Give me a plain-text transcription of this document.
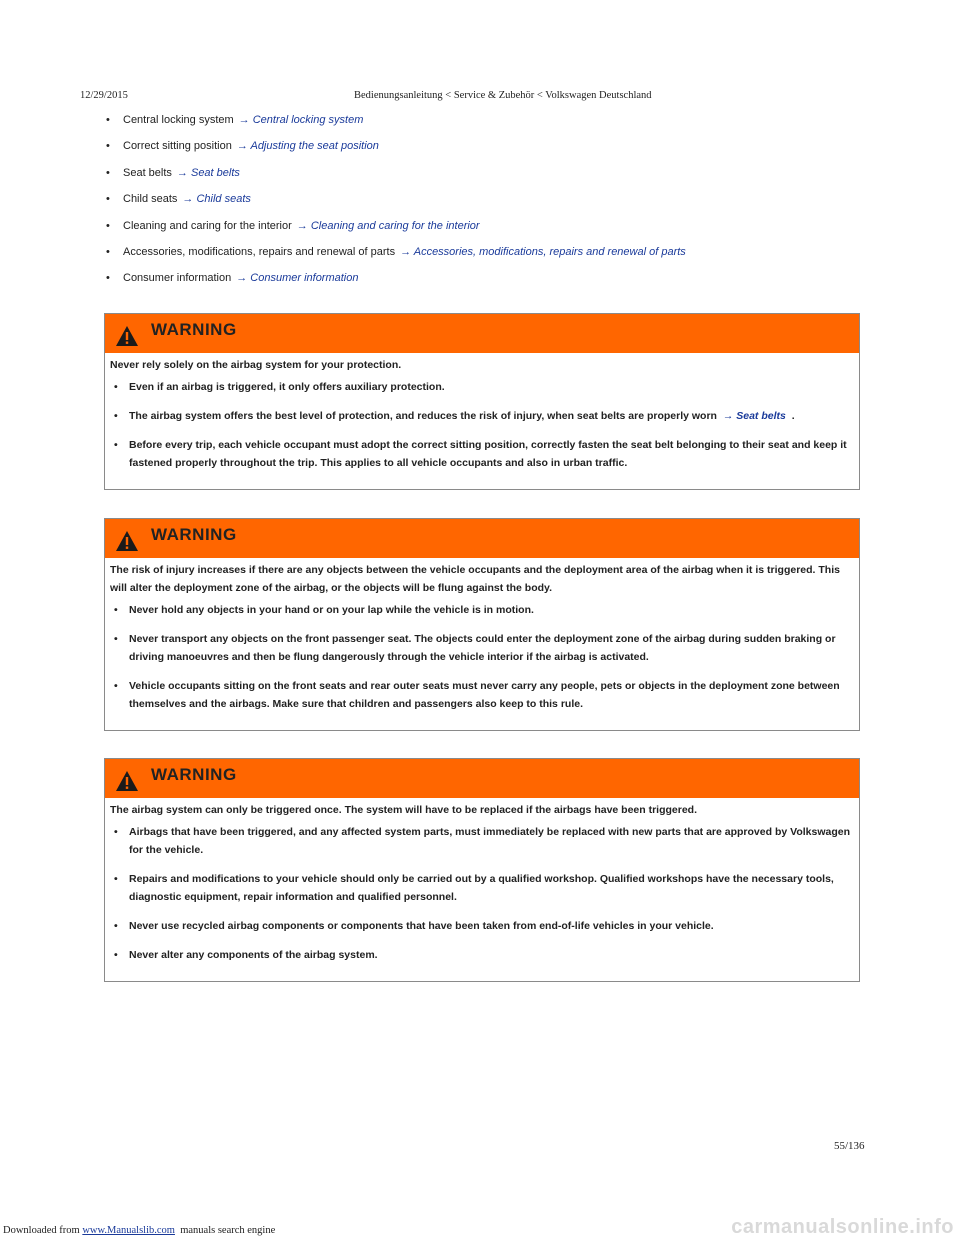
12/29/2015	Bedienungsanleitung < Service & Zubehör < Volkswagen Deutschland
• Central locking system → Central locking system
• Correct sitting position → Adjusting the seat position
• Seat belts → Seat belts
• Child seats → Child seats
• Cleaning and caring for the interior → Cleaning and caring for the interior
• Accessories, modifications, repairs and renewal of parts → Accessories, modifications, repairs and renewal of parts
• Consumer information → Consumer information
WARNING

Never rely solely on the airbag system for your protection.

• Even if an airbag is triggered, it only offers auxiliary protection.
• The airbag system offers the best level of protection, and reduces the risk of injury, when seat belts are properly worn → Seat belts .
• Before every trip, each vehicle occupant must adopt the correct sitting position, correctly fasten the seat belt belonging to their seat and keep it fastened properly throughout the trip. This applies to all vehicle occupants and also in urban traffic.
WARNING

The risk of injury increases if there are any objects between the vehicle occupants and the deployment area of the airbag when it is triggered. This will alter the deployment zone of the airbag, or the objects will be flung against the body.

• Never hold any objects in your hand or on your lap while the vehicle is in motion.
• Never transport any objects on the front passenger seat. The objects could enter the deployment zone of the airbag during sudden braking or driving manoeuvres and then be flung dangerously through the vehicle interior if the airbag is activated.
• Vehicle occupants sitting on the front seats and rear outer seats must never carry any people, pets or objects in the deployment zone between themselves and the airbags. Make sure that children and passengers also keep to this rule.
WARNING

The airbag system can only be triggered once. The system will have to be replaced if the airbags have been triggered.

• Airbags that have been triggered, and any affected system parts, must immediately be replaced with new parts that are approved by Volkswagen for the vehicle.
• Repairs and modifications to your vehicle should only be carried out by a qualified workshop. Qualified workshops have the necessary tools, diagnostic equipment, repair information and qualified personnel.
• Never use recycled airbag components or components that have been taken from end-of-life vehicles in your vehicle.
• Never alter any components of the airbag system.
55/136
Downloaded from www.Manualslib.com manuals search engine	carmanualsonline.info
